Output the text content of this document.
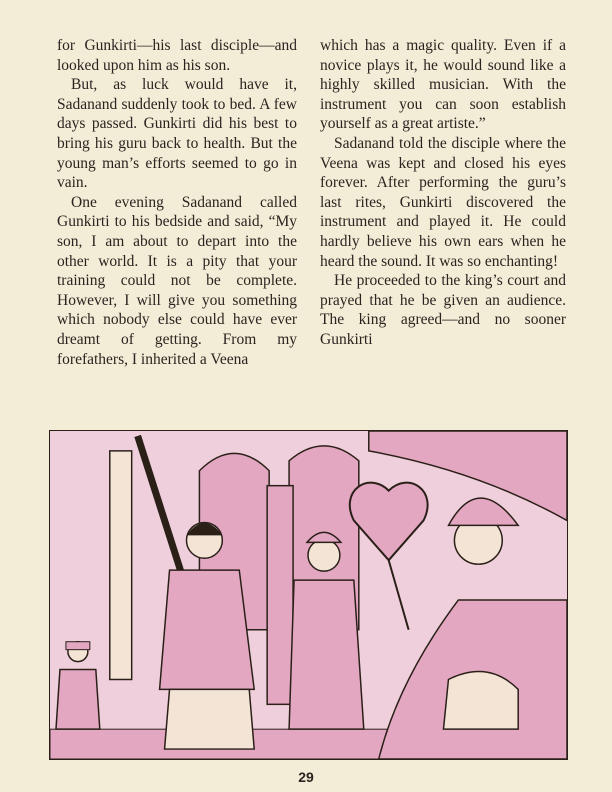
for Gunkirti—his last disciple—and looked upon him as his son.

But, as luck would have it, Sadanand suddenly took to bed. A few days passed. Gunkirti did his best to bring his guru back to health. But the young man’s efforts seemed to go in vain.

One evening Sadanand called Gunkirti to his bedside and said, “My son, I am about to depart into the other world. It is a pity that your training could not be complete. However, I will give you something which nobody else could have ever dreamt of getting. From my forefathers, I inherited a Veena

which has a magic quality. Even if a novice plays it, he would sound like a highly skilled musician. With the instrument you can soon establish yourself as a great artiste.”

Sadanand told the disciple where the Veena was kept and closed his eyes forever. After performing the guru’s last rites, Gunkirti discovered the instrument and played it. He could hardly believe his own ears when he heard the sound. It was so enchanting!

He proceeded to the king’s court and prayed that he be given an audience. The king agreed—and no sooner Gunkirti

29
